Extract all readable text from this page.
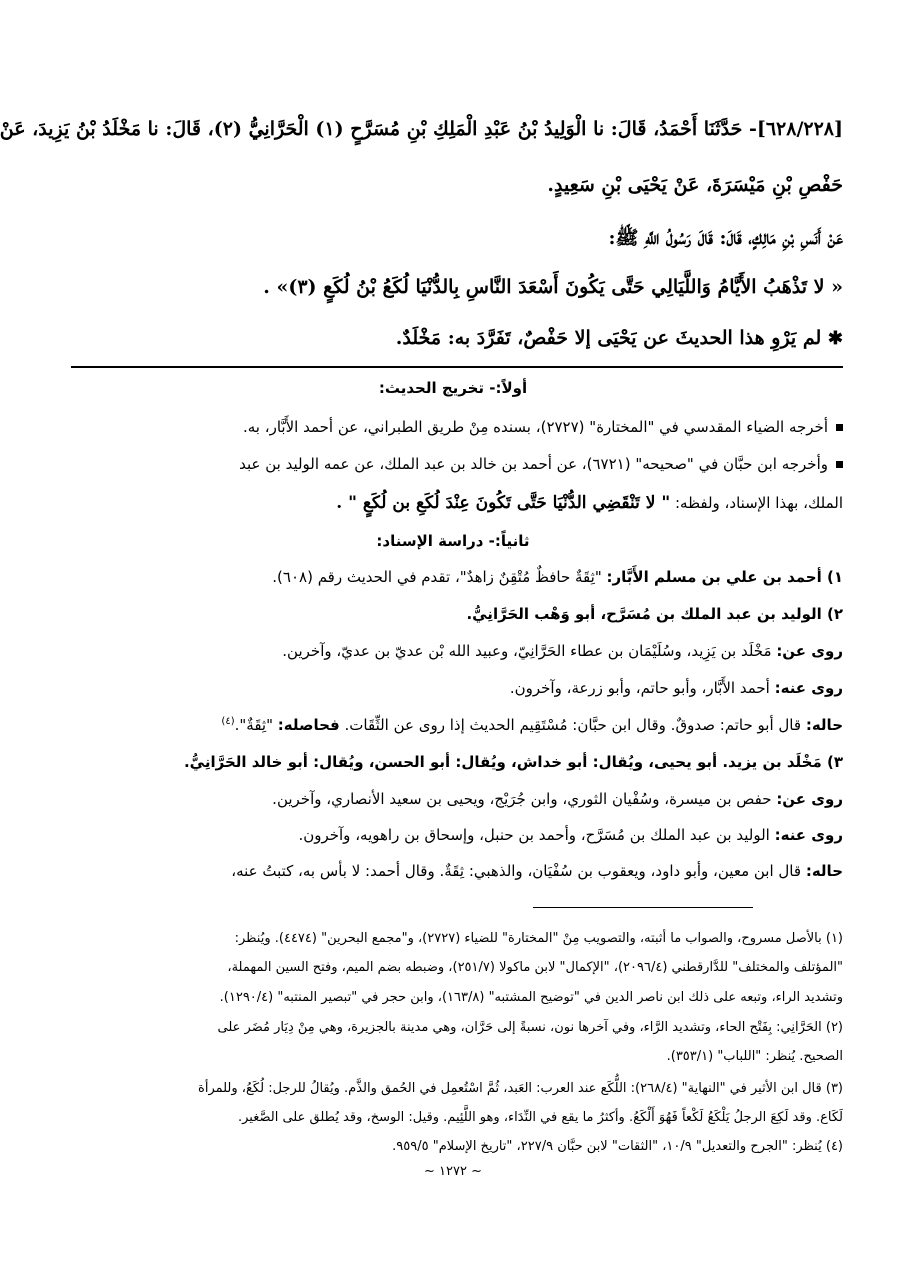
[٦٢٨/٢٢٨]- حَدَّثَنَا أَحْمَدُ، قَالَ: نا الْوَلِيدُ بْنُ عَبْدِ الْمَلِكِ بْنِ مُسَرَّحٍ (١) الْحَرَّانِيُّ (٢)، قَالَ: نا مَخْلَدُ بْنُ يَزِيدَ، عَنْ
حَفْصِ بْنِ مَيْسَرَةَ، عَنْ يَحْيَى بْنِ سَعِيدٍ.
عَنْ أَنَسِ بْنِ مَالِكٍ، قَالَ: قَالَ رَسُولُ اللَّهِ ﷺ:
« لا تَذْهَبُ الأَيَّامُ وَاللَّيَالِي حَتَّى يَكُونَ أَسْعَدَ النَّاسِ بِالدُّنْيَا لُكَعُ بْنُ لُكَعٍ (٣)» .
✱ لم يَرْوِ هذا الحديثَ عن يَحْيَى إلا حَفْصٌ، تَفَرَّدَ به: مَخْلَدٌ.
أولاً:- تخريج الحديث:
أخرجه الضياء المقدسي في "المختارة" (٢٧٢٧)، بسنده مِنْ طريق الطبراني، عن أحمد الأَبَّار، به.
وأخرجه ابن حبَّان في "صحيحه" (٦٧٢١)، عن أحمد بن خالد بن عبد الملك، عن عمه الوليد بن عبد
الملك، بهذا الإسناد، ولفظه: " لا تَنْقَضِي الدُّنْيَا حَتَّى تَكُونَ عِنْدَ لُكَعِ بن لُكَعٍ " .
ثانياً:- دراسة الإسناد:
١) أحمد بن علي بن مسلم الأَبَّار: "ثِقَةٌ حافظٌ مُتْقِنٌ زاهدٌ"، تقدم في الحديث رقم (٦٠٨).
٢) الوليد بن عبد الملك بن مُسَرَّح، أبو وَهْب الحَرَّانِيُّ.
روى عن: مَخْلَد بن يَزِيد، وسُلَيْمَان بن عطاء الحَرَّانِيّ، وعبيد الله بْن عديّ بن عديّ، وآخرين.
روى عنه: أحمد الأَبَّار، وأبو حاتم، وأبو زرعة، وآخرون.
حاله: قال أبو حاتم: صدوقٌ. وقال ابن حبَّان: مُسْتَقِيم الحديث إذا روى عن الثِّقَات. فحاصله: "ثِقَةٌ".$^{(٤)}$
٣) مَخْلَد بن يزيد. أبو يحيى، ويُقال: أبو خداش، ويُقال: أبو الحسن، ويُقال: أبو خالد الحَرَّانِيُّ.
روى عن: حفص بن ميسرة، وسُفْيان الثوري، وابن جُرَيْج، ويحيى بن سعيد الأنصاري، وآخرين.
روى عنه: الوليد بن عبد الملك بن مُسَرَّح، وأحمد بن حنبل، وإسحاق بن راهويه، وآخرون.
حاله: قال ابن معين، وأبو داود، ويعقوب بن سُفْيَان، والذهبي: ثِقَةٌ. وقال أحمد: لا بأس به، كتبتُ عنه،
(١) بالأصل مسروح، والصواب ما أثبته، والتصويب مِنْ "المختارة" للضياء (٢٧٢٧)، و"مجمع البحرين" (٤٤٧٤). ويُنظر:
"المؤتلف والمختلف" للدَّارقطني (٢٠٩٦/٤)، "الإكمال" لابن ماكولا (٢٥١/٧)، وضبطه بضم الميم، وفتح السين المهملة،
وتشديد الراء، وتبعه على ذلك ابن ناصر الدين في "توضيح المشتبه" (١٦٣/٨)، وابن حجر في "تبصير المنتبه" (١٢٩٠/٤).
(٢) الحَرَّانِي: بِفَتْح الحاء، وتشديد الرَّاء، وفي آخرها نون، نسبةً إلى حَرَّان، وهي مدينة بالجزيرة، وهي مِنْ دِيَار مُضَر على
الصحيح. يُنظر: "اللباب" (٣٥٣/١).
(٣) قال ابن الأثير في "النهاية" (٢٦٨/٤): اللُّكَع عند العرب: العَبد، ثُمَّ اسْتُعمِل في الحُمق والذَّم. ويُقالُ للرجل: لُكَعُ، وللمرأة
لَكَاع. وقد لَكِعَ الرجلُ يَلْكَعُ لَكْعاً فَهُوَ أَلْكَعُ. وأكثرُ ما يقع في النِّدَاء، وهو اللَّئِيم. وقيل: الوسخ، وقد يُطلق على الصَّغير.
(٤) يُنظر: "الجرح والتعديل" ١٠/٩، "الثقات" لابن حبَّان ٢٢٧/٩، "تاريخ الإسلام" ٩٥٩/٥.
~ ١٢٧٢ ~
